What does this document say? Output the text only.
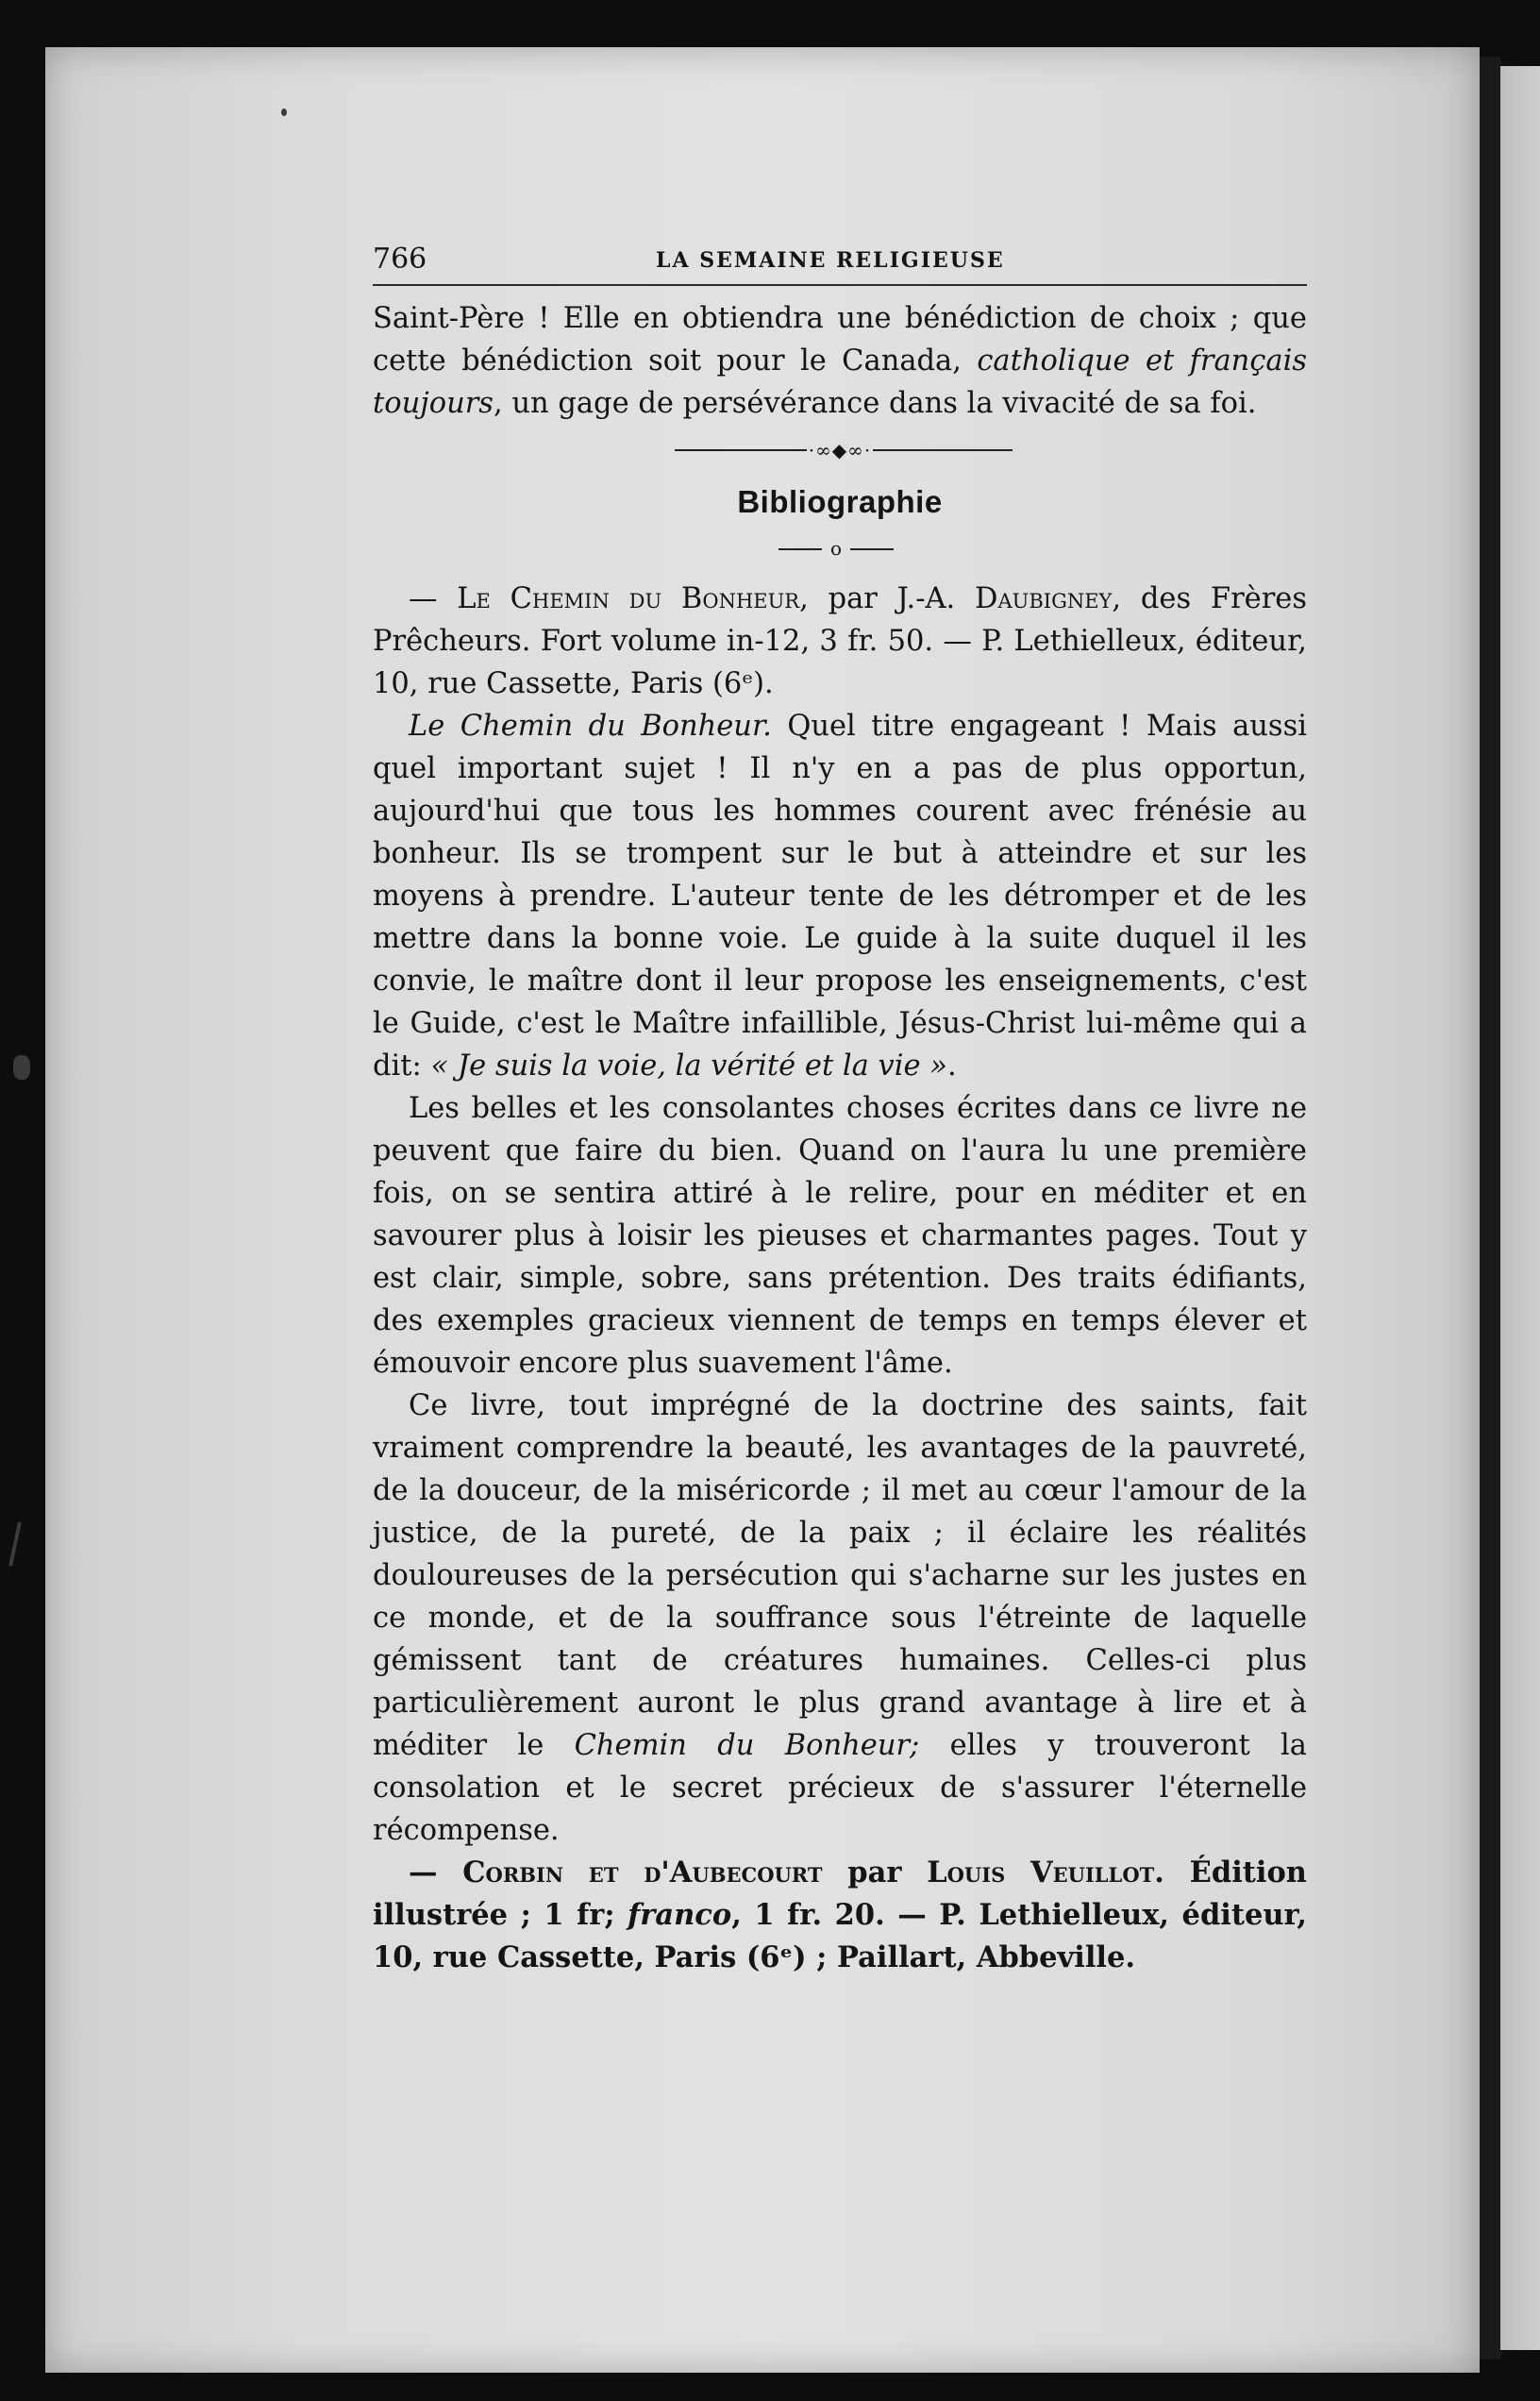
766	LA SEMAINE RELIGIEUSE

Saint-Père ! Elle en obtiendra une bénédiction de choix ; que cette bénédiction soit pour le Canada, catholique et français toujours, un gage de persévérance dans la vivacité de sa foi.

·∞◆∞·
Bibliographie
o

— Le Chemin du Bonheur, par J.-A. Daubigney, des Frères Prêcheurs. Fort volume in-12, 3 fr. 50. — P. Lethielleux, éditeur, 10, rue Cassette, Paris (6ᵉ).

Le Chemin du Bonheur. Quel titre engageant ! Mais aussi quel important sujet ! Il n'y en a pas de plus opportun, aujourd'hui que tous les hommes courent avec frénésie au bonheur. Ils se trompent sur le but à atteindre et sur les moyens à prendre. L'auteur tente de les détromper et de les mettre dans la bonne voie. Le guide à la suite duquel il les convie, le maître dont il leur propose les enseignements, c'est le Guide, c'est le Maître infaillible, Jésus-Christ lui-même qui a dit: « Je suis la voie, la vérité et la vie ».

Les belles et les consolantes choses écrites dans ce livre ne peuvent que faire du bien. Quand on l'aura lu une première fois, on se sentira attiré à le relire, pour en méditer et en savourer plus à loisir les pieuses et charmantes pages. Tout y est clair, simple, sobre, sans prétention. Des traits édifiants, des exemples gracieux viennent de temps en temps élever et émouvoir encore plus suavement l'âme.

Ce livre, tout imprégné de la doctrine des saints, fait vraiment comprendre la beauté, les avantages de la pauvreté, de la douceur, de la miséricorde ; il met au cœur l'amour de la justice, de la pureté, de la paix ; il éclaire les réalités douloureuses de la persécution qui s'acharne sur les justes en ce monde, et de la souffrance sous l'étreinte de laquelle gémissent tant de créatures humaines. Celles-ci plus particulièrement auront le plus grand avantage à lire et à méditer le Chemin du Bonheur; elles y trouveront la consolation et le secret précieux de s'assurer l'éternelle récompense.

— Corbin et d'Aubecourt par Louis Veuillot. Édition illustrée ; 1 fr; franco, 1 fr. 20. — P. Lethielleux, éditeur, 10, rue Cassette, Paris (6ᵉ) ; Paillart, Abbeville.
